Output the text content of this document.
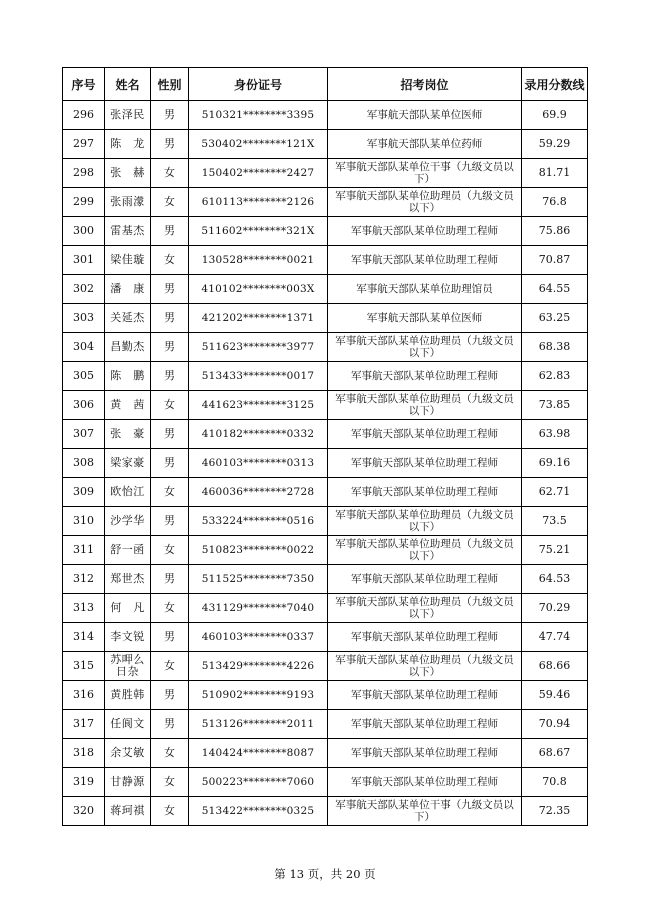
序号	姓名	性别	身份证号	招考岗位	录用分数线
296	张泽民	男	510321********3395	军事航天部队某单位医师	69.9
297	陈　龙	男	530402********121X	军事航天部队某单位药师	59.29
298	张　赫	女	150402********2427	军事航天部队某单位干事（九级文员以下）	81.71
299	张雨濛	女	610113********2126	军事航天部队某单位助理员（九级文员以下）	76.8
300	雷基杰	男	511602********321X	军事航天部队某单位助理工程师	75.86
301	梁佳璇	女	130528********0021	军事航天部队某单位助理工程师	70.87
302	潘　康	男	410102********003X	军事航天部队某单位助理馆员	64.55
303	关延杰	男	421202********1371	军事航天部队某单位医师	63.25
304	昌勤杰	男	511623********3977	军事航天部队某单位助理员（九级文员以下）	68.38
305	陈　鹏	男	513433********0017	军事航天部队某单位助理工程师	62.83
306	黄　茜	女	441623********3125	军事航天部队某单位助理员（九级文员以下）	73.85
307	张　豪	男	410182********0332	军事航天部队某单位助理工程师	63.98
308	梁家豪	男	460103********0313	军事航天部队某单位助理工程师	69.16
309	欧怡江	女	460036********2728	军事航天部队某单位助理工程师	62.71
310	沙学华	男	533224********0516	军事航天部队某单位助理员（九级文员以下）	73.5
311	舒一函	女	510823********0022	军事航天部队某单位助理员（九级文员以下）	75.21
312	郑世杰	男	511525********7350	军事航天部队某单位助理工程师	64.53
313	何　凡	女	431129********7040	军事航天部队某单位助理员（九级文员以下）	70.29
314	李文锐	男	460103********0337	军事航天部队某单位助理工程师	47.74
315	苏呷么日杂	女	513429********4226	军事航天部队某单位助理员（九级文员以下）	68.66
316	黄胜韩	男	510902********9193	军事航天部队某单位助理工程师	59.46
317	任阆文	男	513126********2011	军事航天部队某单位助理工程师	70.94
318	余艾敏	女	140424********8087	军事航天部队某单位助理工程师	68.67
319	甘静源	女	500223********7060	军事航天部队某单位助理工程师	70.8
320	蒋珂祺	女	513422********0325	军事航天部队某单位干事（九级文员以下）	72.35
第 13 页，共 20 页
